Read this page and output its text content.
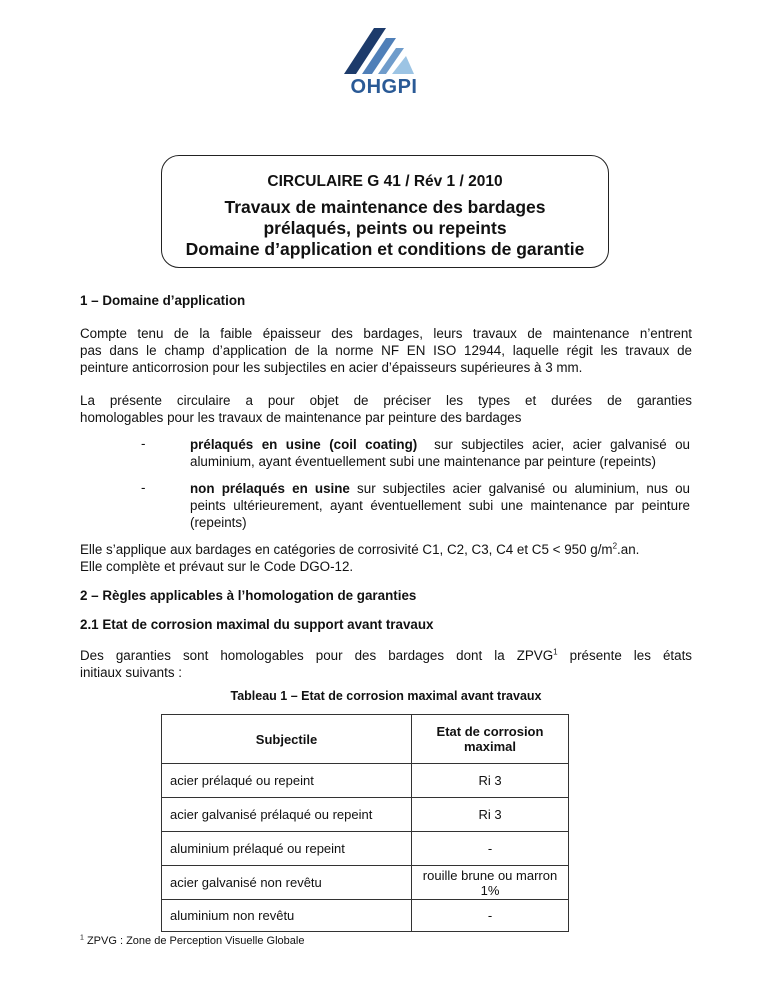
OHGPI
CIRCULAIRE G 41 / Rév 1 / 2010
Travaux de maintenance des bardages
prélaqués, peints ou repeints
Domaine d’application et conditions de garantie
1 – Domaine d’application
Compte tenu de la faible épaisseur des bardages, leurs travaux de maintenance n’entrent
pas dans le champ d’application de la norme NF EN ISO 12944, laquelle régit les travaux de
peinture anticorrosion pour les subjectiles en acier d’épaisseurs supérieures à 3 mm.
La présente circulaire a pour objet de préciser les types et durées de garanties
homologables pour les travaux de maintenance par peinture des bardages
-	prélaqués en usine (coil coating)  sur subjectiles acier, acier galvanisé ou
aluminium, ayant éventuellement subi une maintenance par peinture (repeints)
-	non prélaqués en usine sur subjectiles acier galvanisé ou aluminium, nus ou
peints ultérieurement, ayant éventuellement subi une maintenance par peinture
(repeints)
Elle s’applique aux bardages en catégories de corrosivité C1, C2, C3, C4 et C5 < 950 $g/m^2.an$.
Elle complète et prévaut sur le Code DGO-12.
2 – Règles applicables à l’homologation de garanties
2.1 Etat de corrosion maximal du support avant travaux
Des garanties sont homologables pour des bardages dont la ZPVG$^1$ présente les états
initiaux suivants :
Tableau 1 – Etat de corrosion maximal avant travaux
Subjectile	Etat de corrosion maximal
acier prélaqué ou repeint	Ri 3
acier galvanisé prélaqué ou repeint	Ri 3
aluminium prélaqué ou repeint	-
acier galvanisé non revêtu	rouille brune ou marron 1%
aluminium non revêtu	-
$^1$ ZPVG : Zone de Perception Visuelle Globale
